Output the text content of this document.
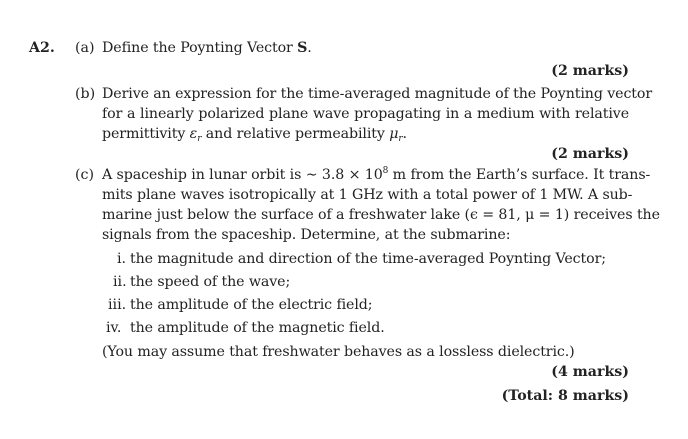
A2. (a) Define the Poynting Vector S.
(2 marks)
(b) Derive an expression for the time-averaged magnitude of the Poynting vector
for a linearly polarized plane wave propagating in a medium with relative
permittivity $\varepsilon_r$ and relative permeability $\mu_r$.
(2 marks)
(c) A spaceship in lunar orbit is ∼ $3.8 \times 10^8$ m from the Earth’s surface. It trans-
mits plane waves isotropically at 1 GHz with a total power of 1 MW. A sub-
marine just below the surface of a freshwater lake (ϵ = 81, μ = 1) receives the
signals from the spaceship. Determine, at the submarine:
i. the magnitude and direction of the time-averaged Poynting Vector;
ii. the speed of the wave;
iii. the amplitude of the electric field;
iv. the amplitude of the magnetic field.
(You may assume that freshwater behaves as a lossless dielectric.)
(4 marks)
(Total: 8 marks)
